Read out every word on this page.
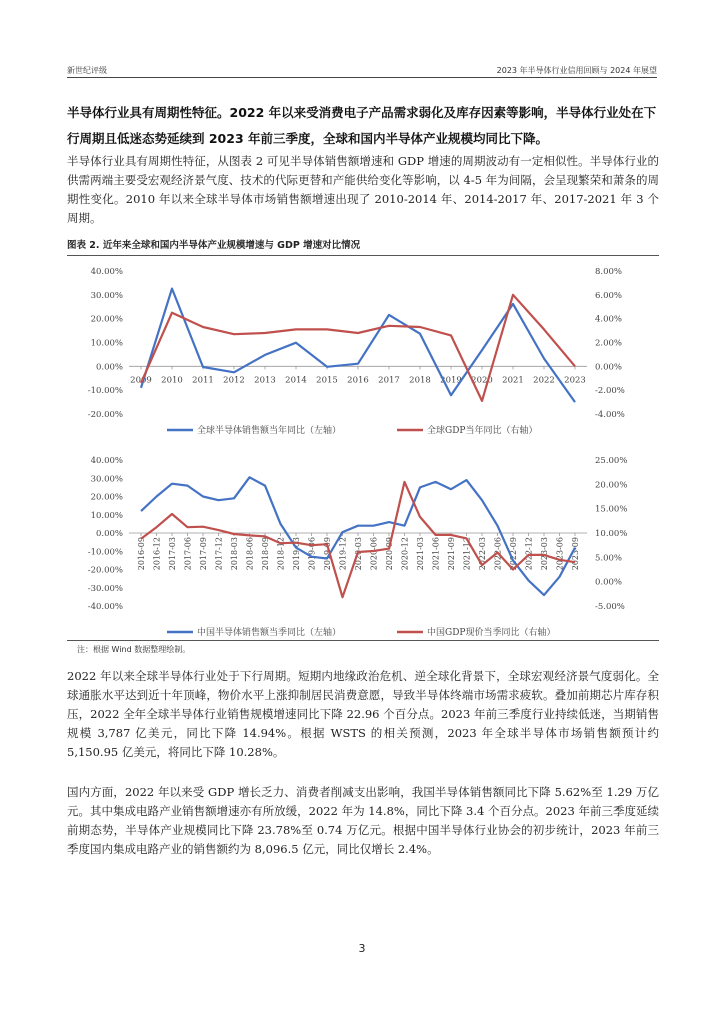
新世纪评级	2023 年半导体行业信用回顾与 2024 年展望
半导体行业具有周期性特征。2022 年以来受消费电子产品需求弱化及库存因素等影响，半导体行业处在下行周期且低迷态势延续到 2023 年前三季度，全球和国内半导体产业规模均同比下降。
半导体行业具有周期性特征，从图表 2 可见半导体销售额增速和 GDP 增速的周期波动有一定相似性。半导体行业的供需两端主要受宏观经济景气度、技术的代际更替和产能供给变化等影响，以 4-5 年为间隔，会呈现繁荣和萧条的周期性变化。2010 年以来全球半导体市场销售额增速出现了 2010-2014 年、2014-2017 年、2017-2021 年 3 个周期。
图表 2. 近年来全球和国内半导体产业规模增速与 GDP 增速对比情况
40.00%
30.00%
20.00%
10.00%
0.00%
-10.00%
-20.00%
8.00%
6.00%
4.00%
2.00%
0.00%
-2.00%
-4.00%
2009 2010 2011 2012 2013 2014 2015 2016 2017 2018 2019 2020 2021 2022 2023
全球半导体销售额当年同比（左轴）	全球GDP当年同比（右轴）
40.00%
30.00%
20.00%
10.00%
0.00%
-10.00%
-20.00%
-30.00%
-40.00%
25.00%
20.00%
15.00%
10.00%
5.00%
0.00%
-5.00%
2016-09 2016-12 2017-03 2017-06 2017-09 2017-12 2018-03 2018-06 2018-09 2018-12 2019-03 2019-06 2019-09 2019-12 2020-03 2020-06 2020-09 2020-12 2021-03 2021-06 2021-09 2021-12 2022-03 2022-06 2022-09 2022-12 2023-03 2023-06 2023-09
中国半导体销售额当季同比（左轴）	中国GDP现价当季同比（右轴）
注：根据 Wind 数据整理绘制。
2022 年以来全球半导体行业处于下行周期。短期内地缘政治危机、逆全球化背景下，全球宏观经济景气度弱化。全球通胀水平达到近十年顶峰，物价水平上涨抑制居民消费意愿，导致半导体终端市场需求疲软。叠加前期芯片库存积压，2022 全年全球半导体行业销售规模增速同比下降 22.96 个百分点。2023 年前三季度行业持续低迷，当期销售规模 3,787 亿美元，同比下降 14.94%。根据 WSTS 的相关预测，2023 年全球半导体市场销售额预计约 5,150.95 亿美元，将同比下降 10.28%。
国内方面，2022 年以来受 GDP 增长乏力、消费者削减支出影响，我国半导体销售额同比下降 5.62%至 1.29 万亿元。其中集成电路产业销售额增速亦有所放缓，2022 年为 14.8%，同比下降 3.4 个百分点。2023 年前三季度延续前期态势，半导体产业规模同比下降 23.78%至 0.74 万亿元。根据中国半导体行业协会的初步统计，2023 年前三季度国内集成电路产业的销售额约为 8,096.5 亿元，同比仅增长 2.4%。
3
